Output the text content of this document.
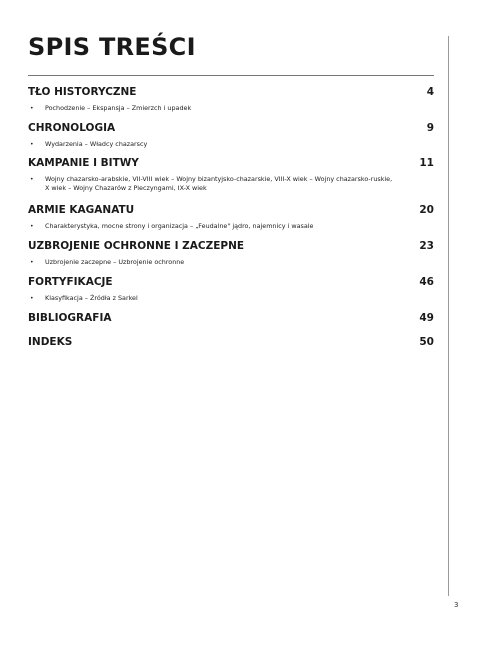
SPIS TREŚCI
TŁO HISTORYCZNE	4
•	Pochodzenie – Ekspansja – Zmierzch i upadek
CHRONOLOGIA	9
•	Wydarzenia – Władcy chazarscy
KAMPANIE I BITWY	11
•	Wojny chazarsko-arabskie, VII-VIII wiek – Wojny bizantyjsko-chazarskie, VIII-X wiek – Wojny chazarsko-ruskie, X wiek – Wojny Chazarów z Pieczyngami, IX-X wiek
ARMIE KAGANATU	20
•	Charakterystyka, mocne strony i organizacja – „Feudalne" jądro, najemnicy i wasale
UZBROJENIE OCHRONNE I ZACZEPNE	23
•	Uzbrojenie zaczepne – Uzbrojenie ochronne
FORTYFIKACJE	46
•	Klasyfikacja – Źródła z Sarkel
BIBLIOGRAFIA	49
INDEKS	50
3
